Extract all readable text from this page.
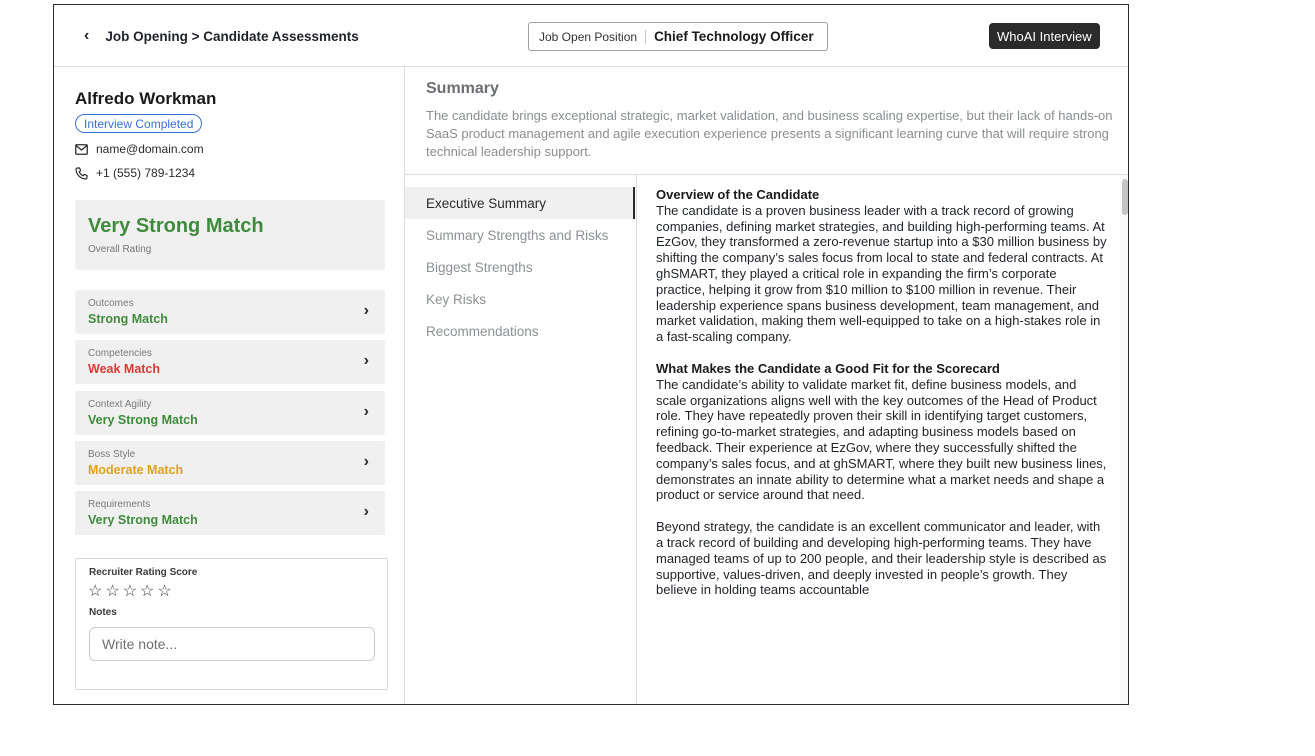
‹ Job Opening > Candidate Assessments	Job Open Position Chief Technology Officer	WhoAI Interview
Alfredo Workman
Interview Completed
name@domain.com
+1 (555) 789-1234
Very Strong Match
Overall Rating
Outcomes
Strong Match	›
Competencies
Weak Match	›
Context Agility
Very Strong Match	›
Boss Style
Moderate Match	›
Requirements
Very Strong Match	›
Recruiter Rating Score
☆ ☆ ☆ ☆ ☆
Notes
Write note...
Summary
The candidate brings exceptional strategic, market validation, and business scaling expertise, but their lack of hands-on SaaS product management and agile execution experience presents a significant learning curve that will require strong technical leadership support.
Executive Summary
Summary Strengths and Risks
Biggest Strengths
Key Risks
Recommendations
Overview of the Candidate

The candidate is a proven business leader with a track record of growing companies, defining market strategies, and building high-performing teams. At EzGov, they transformed a zero-revenue startup into a $30 million business by shifting the company’s sales focus from local to state and federal contracts. At ghSMART, they played a critical role in expanding the firm’s corporate practice, helping it grow from $10 million to $100 million in revenue. Their leadership experience spans business development, team management, and market validation, making them well-equipped to take on a high-stakes role in a fast-scaling company.

What Makes the Candidate a Good Fit for the Scorecard

The candidate’s ability to validate market fit, define business models, and scale organizations aligns well with the key outcomes of the Head of Product role. They have repeatedly proven their skill in identifying target customers, refining go-to-market strategies, and adapting business models based on feedback. Their experience at EzGov, where they successfully shifted the company’s sales focus, and at ghSMART, where they built new business lines, demonstrates an innate ability to determine what a market needs and shape a product or service around that need.

Beyond strategy, the candidate is an excellent communicator and leader, with a track record of building and developing high-performing teams. They have managed teams of up to 200 people, and their leadership style is described as supportive, values-driven, and deeply invested in people’s growth. They believe in holding teams accountable
